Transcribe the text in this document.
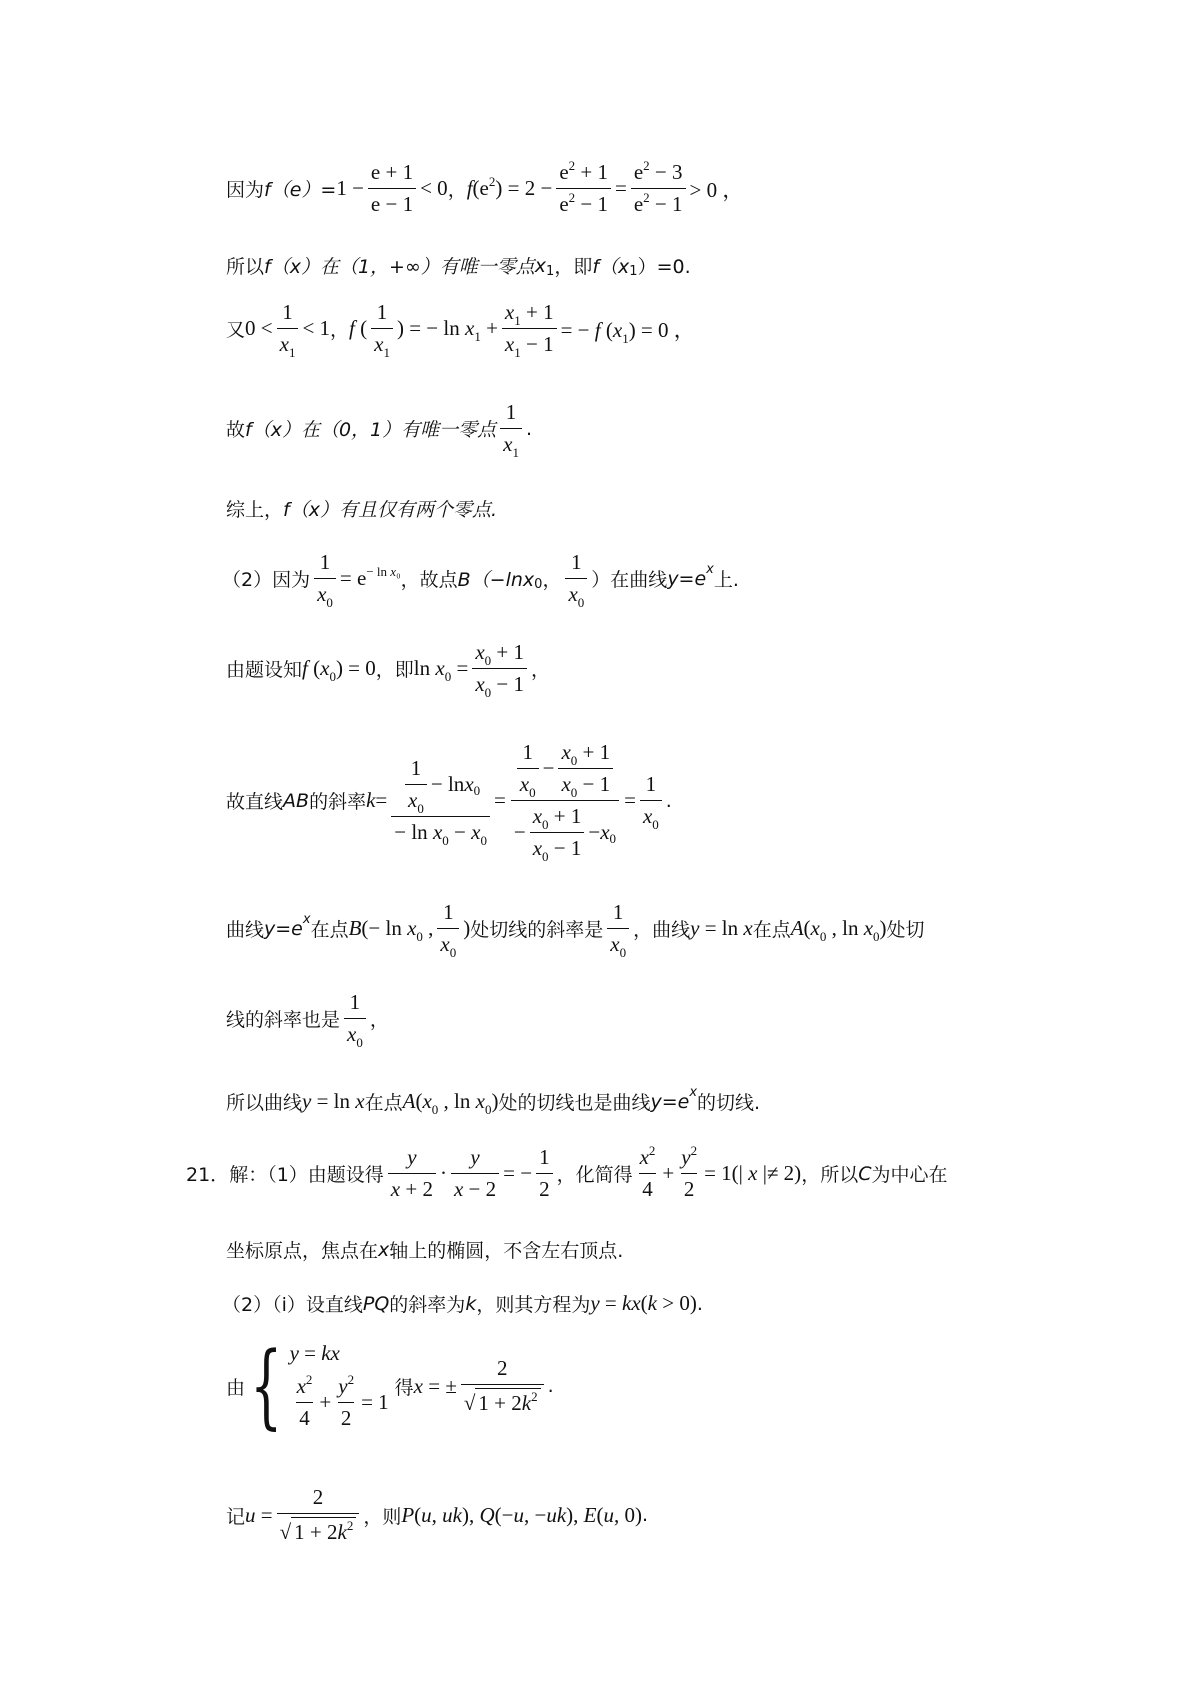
因为 $f(e)= 1 - \frac{e + 1}{e - 1} < 0$ ， $f(e^2) = 2 - \frac{e^2 + 1}{e^2 - 1} = \frac{e^2 - 3}{e^2 - 1} > 0$ ，
所以 f（x）在（1，+∞）有唯一零点 x 1 ，即 f（x 1 ）=0.
又 $0 < \frac{1}{x_1} < 1$ ， f ( $\frac{1}{x_1}$ ) = − $\ln x_1 + \frac{x_1 + 1}{x_1 - 1}$ = − f $(x_1) = 0$ ，
故 f（x）在（0，1）有唯一零点 $\frac{1}{x_1}$ .
综上， f（x）有且仅有两个零点.
（2）因为 $\frac{1}{x_0} = e^{- ln x_0}$ ，故点 B（−lnx 0 ， $\frac{1}{x_0}$ ）在曲线 y=e x 上.
由题设知 f $(x_0) = 0$ ，即 $\ln x_0 = \frac{x_0 + 1}{x_0 - 1}$ ，
故直线 AB 的斜率 $k = \frac{\frac{1}{x_0} - \ln x 0}{- \ln x_0 - x_0} = \frac{\frac{1}{x_0} - \frac{x_0 + 1}{x_0 - 1}}{- \frac{x_0 + 1}{x_0 - 1} - x 0} = \frac{1}{x_0}$ .
曲线 y=e x 在点 $B(- \ln x_0$ , $\frac{1}{x_0}$ ) 处切线的斜率是 $\frac{1}{x_0}$ ，曲线 y = ln x 在点 $A(x_0$ , $\ln x_0$) 处切
线的斜率也是 $\frac{1}{x_0}$ ，
所以曲线 y = ln x 在点 $A(x_0$ , $\ln x_0$) 处的切线也是曲线 y=e x 的切线.
21． 解：（1）由题设得 $\frac{y}{x + 2} \cdot \frac{y}{x - 2}$ = − $\frac{1}{2}$ ，化简得 $\frac{x^2}{4} + \frac{y^2}{2} = 1(|$ x |≠ 2) ，所以 C 为中心在
坐标原点，焦点在 x 轴上的椭圆，不含左右顶点.
（2）（i）设直线 PQ 的斜率为 k ，则其方程为 y = kx(k > 0) .
由 { y = kx
$\frac{x^2}{4} + \frac{y^2}{2} = 1$
得 x = ± $\frac{2}{√ 1 + 2k^2}$ .
记 $u = \frac{2}{√ 1 + 2k^2}$ ，则 P(u, uk), Q(−u, −uk), E(u, 0) .
